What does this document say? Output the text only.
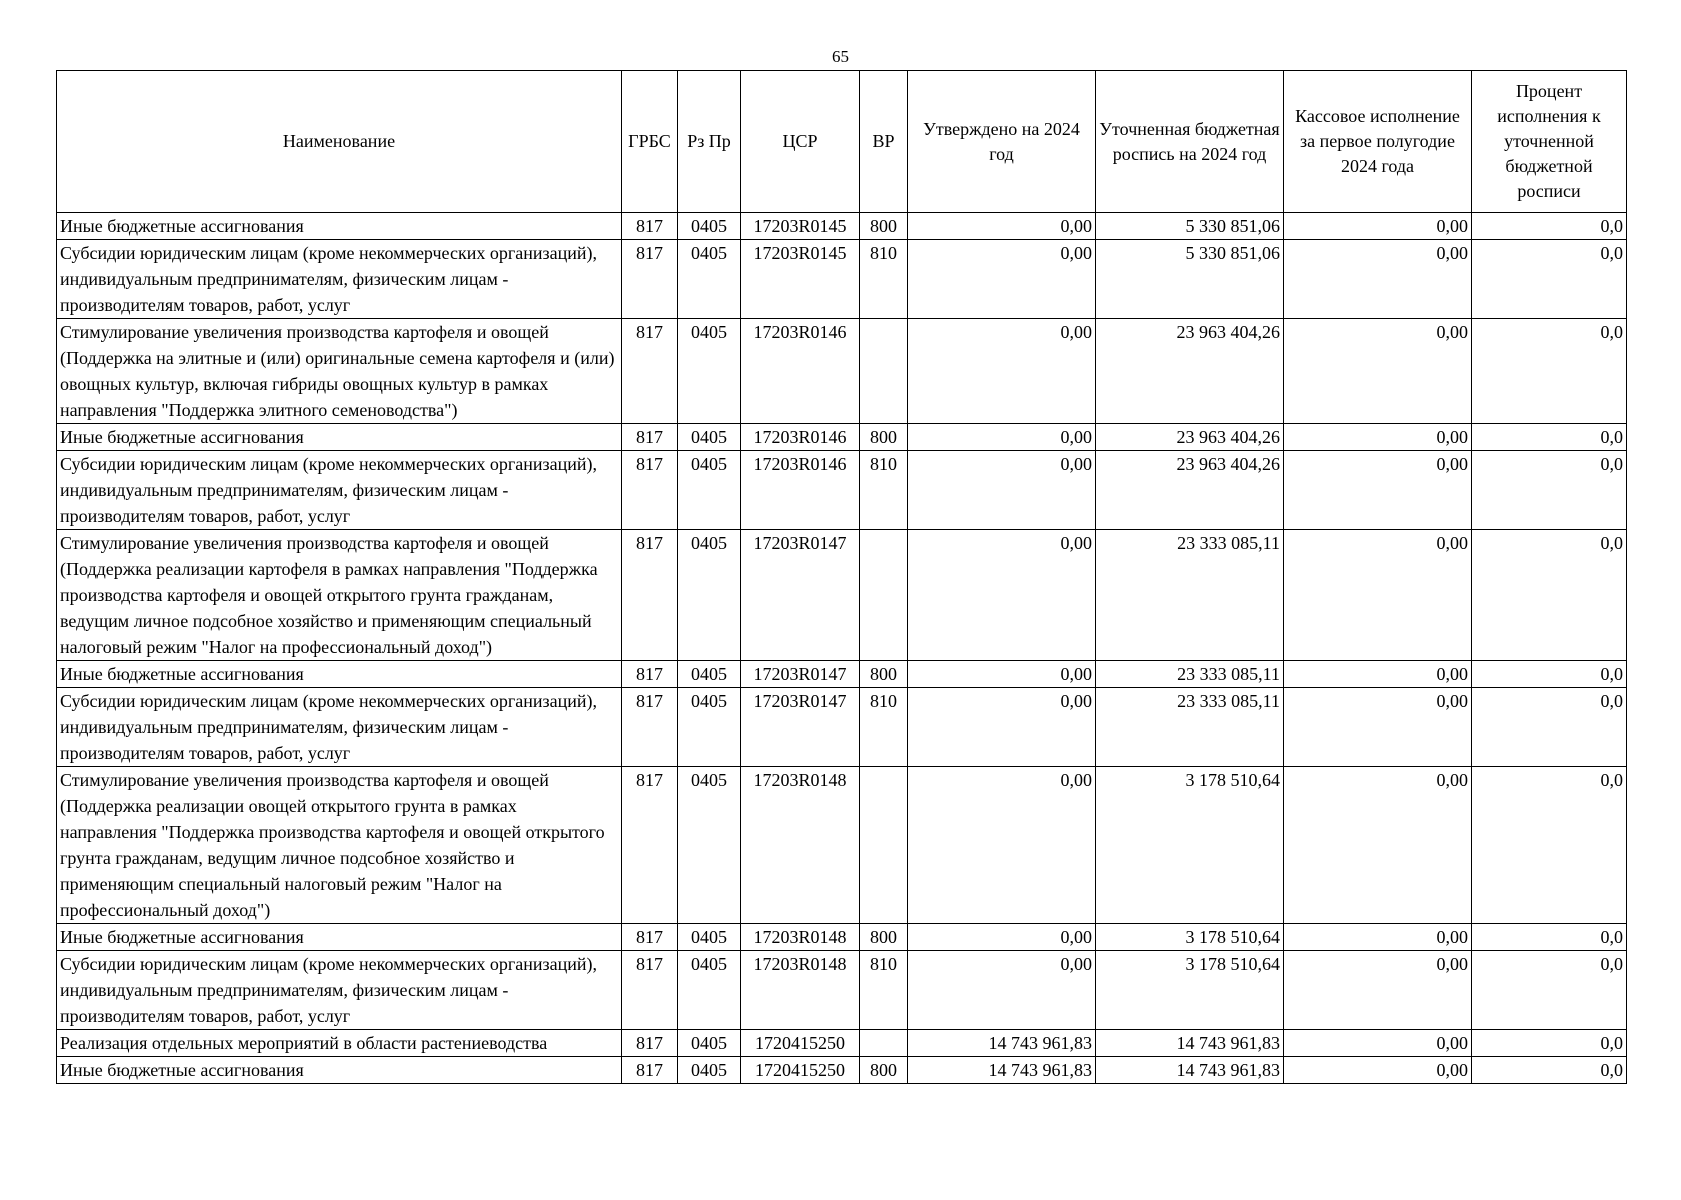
65
Наименование	ГРБС	Рз Пр	ЦСР	ВР	Утверждено на 2024 год	Уточненная бюджетная роспись на 2024 год	Кассовое исполнение за первое полугодие 2024 года	Процент исполнения к уточненной бюджетной росписи
Иные бюджетные ассигнования	817	0405	17203R0145	800	0,00	5 330 851,06	0,00	0,0
Субсидии юридическим лицам (кроме некоммерческих организаций), индивидуальным предпринимателям, физическим лицам - производителям товаров, работ, услуг	817	0405	17203R0145	810	0,00	5 330 851,06	0,00	0,0
Стимулирование увеличения производства картофеля и овощей (Поддержка на элитные и (или) оригинальные семена картофеля и (или) овощных культур, включая гибриды овощных культур в рамках направления "Поддержка элитного семеноводства")	817	0405	17203R0146		0,00	23 963 404,26	0,00	0,0
Иные бюджетные ассигнования	817	0405	17203R0146	800	0,00	23 963 404,26	0,00	0,0
Субсидии юридическим лицам (кроме некоммерческих организаций), индивидуальным предпринимателям, физическим лицам - производителям товаров, работ, услуг	817	0405	17203R0146	810	0,00	23 963 404,26	0,00	0,0
Стимулирование увеличения производства картофеля и овощей (Поддержка реализации картофеля в рамках направления "Поддержка производства картофеля и овощей открытого грунта гражданам, ведущим личное подсобное хозяйство и применяющим специальный налоговый режим "Налог на профессиональный доход")	817	0405	17203R0147		0,00	23 333 085,11	0,00	0,0
Иные бюджетные ассигнования	817	0405	17203R0147	800	0,00	23 333 085,11	0,00	0,0
Субсидии юридическим лицам (кроме некоммерческих организаций), индивидуальным предпринимателям, физическим лицам - производителям товаров, работ, услуг	817	0405	17203R0147	810	0,00	23 333 085,11	0,00	0,0
Стимулирование увеличения производства картофеля и овощей (Поддержка реализации овощей открытого грунта в рамках направления "Поддержка производства картофеля и овощей открытого грунта гражданам, ведущим личное подсобное хозяйство и применяющим специальный налоговый режим "Налог на профессиональный доход")	817	0405	17203R0148		0,00	3 178 510,64	0,00	0,0
Иные бюджетные ассигнования	817	0405	17203R0148	800	0,00	3 178 510,64	0,00	0,0
Субсидии юридическим лицам (кроме некоммерческих организаций), индивидуальным предпринимателям, физическим лицам - производителям товаров, работ, услуг	817	0405	17203R0148	810	0,00	3 178 510,64	0,00	0,0
Реализация отдельных мероприятий в области растениеводства	817	0405	1720415250		14 743 961,83	14 743 961,83	0,00	0,0
Иные бюджетные ассигнования	817	0405	1720415250	800	14 743 961,83	14 743 961,83	0,00	0,0
